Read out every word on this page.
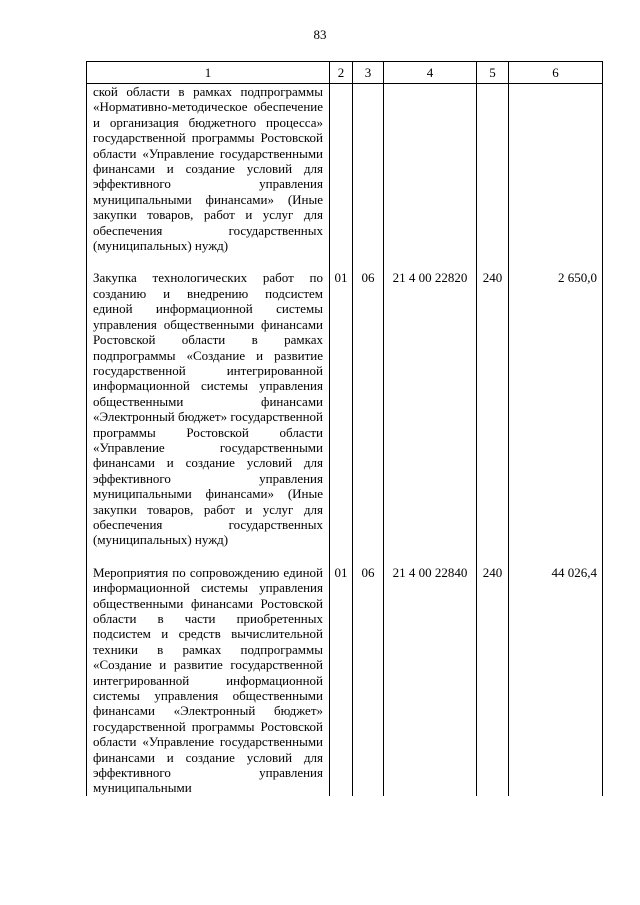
83
1	2	3	4	5	6
ской области в рамках подпрограммы «Нормативно-методическое обеспечение и организация бюджетного процесса» государственной программы Ростовской области «Управление государственными финансами и создание условий для эффективного управления муниципальными финансами» (Иные закупки товаров, работ и услуг для обеспечения государственных (муниципальных) нужд)					

Закупка технологических работ по созданию и внедрению подсистем единой информационной системы управления общественными финансами Ростовской области в рамках подпрограммы «Создание и развитие государственной интегрированной информационной системы управления общественными финансами «Электронный бюджет» государственной программы Ростовской области «Управление государственными финансами и создание условий для эффективного управления муниципальными финансами» (Иные закупки товаров, работ и услуг для обеспечения государственных (муниципальных) нужд)	01	06	21 4 00 22820	240	2 650,0

Мероприятия по сопровождению единой информационной системы управления общественными финансами Ростовской области в части приобретенных подсистем и средств вычислительной техники в рамках подпрограммы «Создание и развитие государственной интегрированной информационной системы управления общественными финансами «Электронный бюджет» государственной программы Ростовской области «Управление государственными финансами и создание условий для эффективного управления муниципальными	01	06	21 4 00 22840	240	44 026,4
